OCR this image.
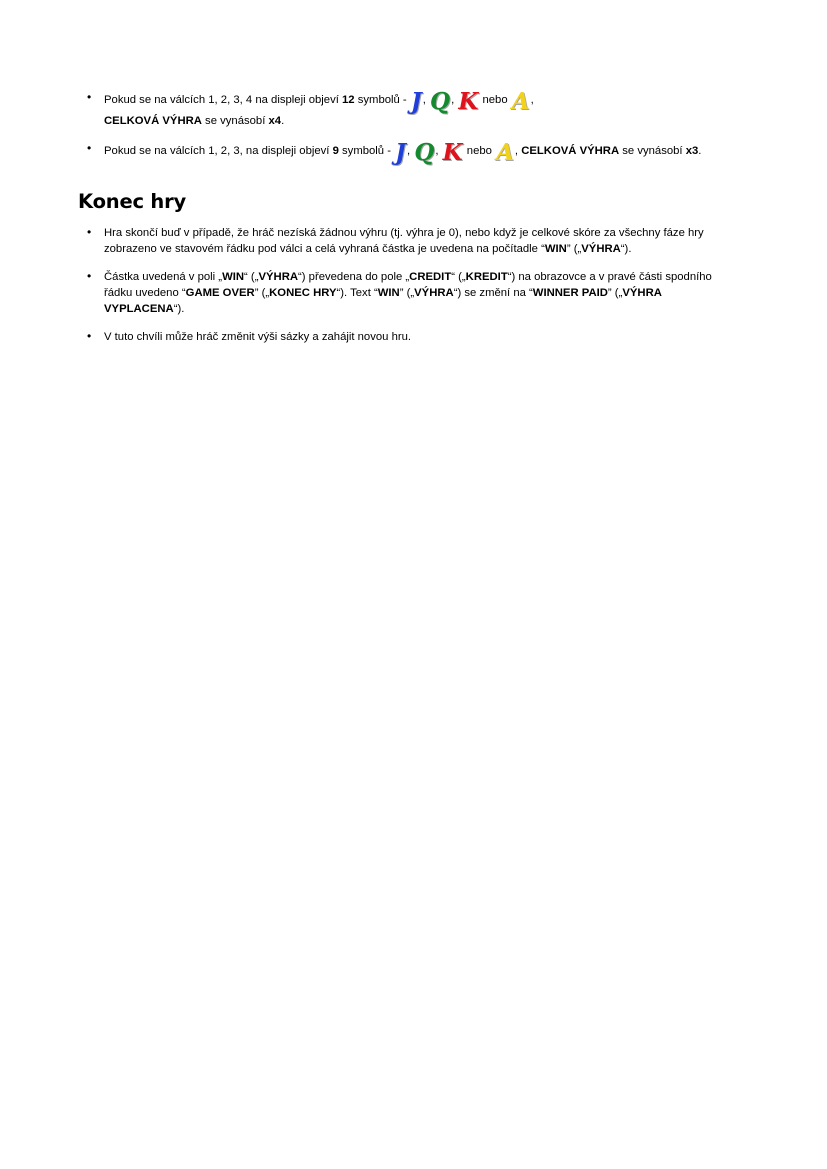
• Pokud se na válcích 1, 2, 3, 4 na displeji objeví 12 symbolů - J, Q, K nebo A,
CELKOVÁ VÝHRA se vynásobí x4.
• Pokud se na válcích 1, 2, 3, na displeji objeví 9 symbolů - J, Q, K nebo A, CELKOVÁ VÝHRA se vynásobí x3.
Konec hry
• Hra skončí buď v případě, že hráč nezíská žádnou výhru (tj. výhra je 0), nebo když je celkové skóre za všechny fáze hry zobrazeno ve stavovém řádku pod válci a celá vyhraná částka je uvedena na počítadle “WIN” („VÝHRA“).
• Částka uvedená v poli „WIN“ („VÝHRA“) převedena do pole „CREDIT“ („KREDIT“) na obrazovce a v pravé části spodního řádku uvedeno “GAME OVER” („KONEC HRY“). Text “WIN” („VÝHRA“) se změní na “WINNER PAID” („VÝHRA VYPLACENA“).
• V tuto chvíli může hráč změnit výši sázky a zahájit novou hru.
